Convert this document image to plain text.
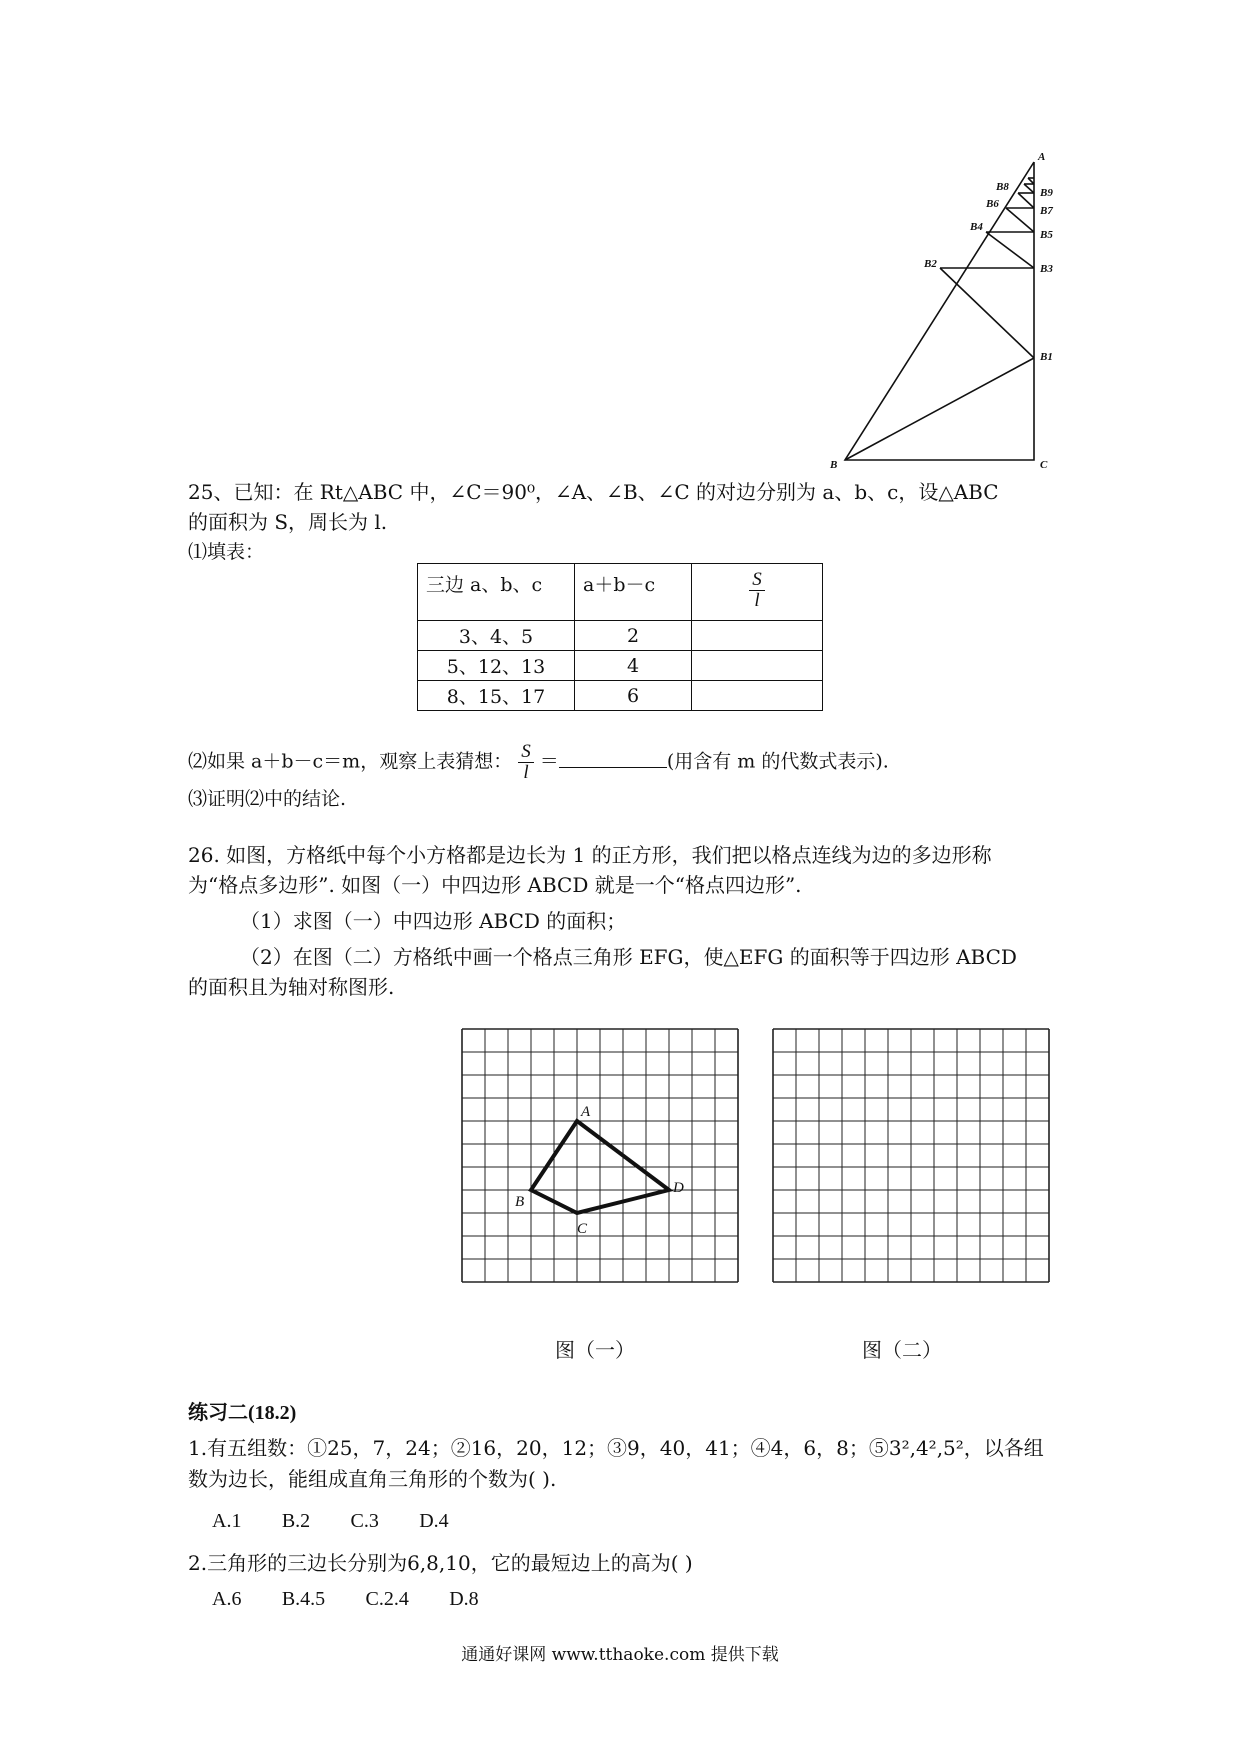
A
B	C
B1
B2	B3
B4
B5
B6
B7
B8	B9
25、已知：在 Rt△ABC 中，∠C＝90⁰，∠A、∠B、∠C 的对边分别为 a、b、c，设△ABC
的面积为 S，周长为 l.
⑴填表：
三边 a、b、c	a＋b－c	$\frac{S}{l}$

3、4、5	2	
5、12、13	4	
8、15、17	6	
⑵如果 a＋b－c＝m，观察上表猜想： $\frac{S}{l}$ ＝	(用含有 m 的代数式表示).
⑶证明⑵中的结论.
26. 如图，方格纸中每个小方格都是边长为 1 的正方形，我们把以格点连线为边的多边形称
为“格点多边形”. 如图（一）中四边形 ABCD 就是一个“格点四边形”.
（1）求图（一）中四边形 ABCD 的面积；
（2）在图（二）方格纸中画一个格点三角形 EFG，使△EFG 的面积等于四边形 ABCD
的面积且为轴对称图形.
A
B
C
D
图（一）	图（二）
练习二(18.2)
1.有五组数：①25，7，24；②16，20，12；③9，40，41；④4，6，8；⑤3²,4²,5²，以各组
数为边长，能组成直角三角形的个数为( ).
A.1 B.2 C.3 D.4
2.三角形的三边长分别为6,8,10，它的最短边上的高为( )
A.6 B.4.5 C.2.4 D.8
通通好课网 www.tthaoke.com 提供下载
